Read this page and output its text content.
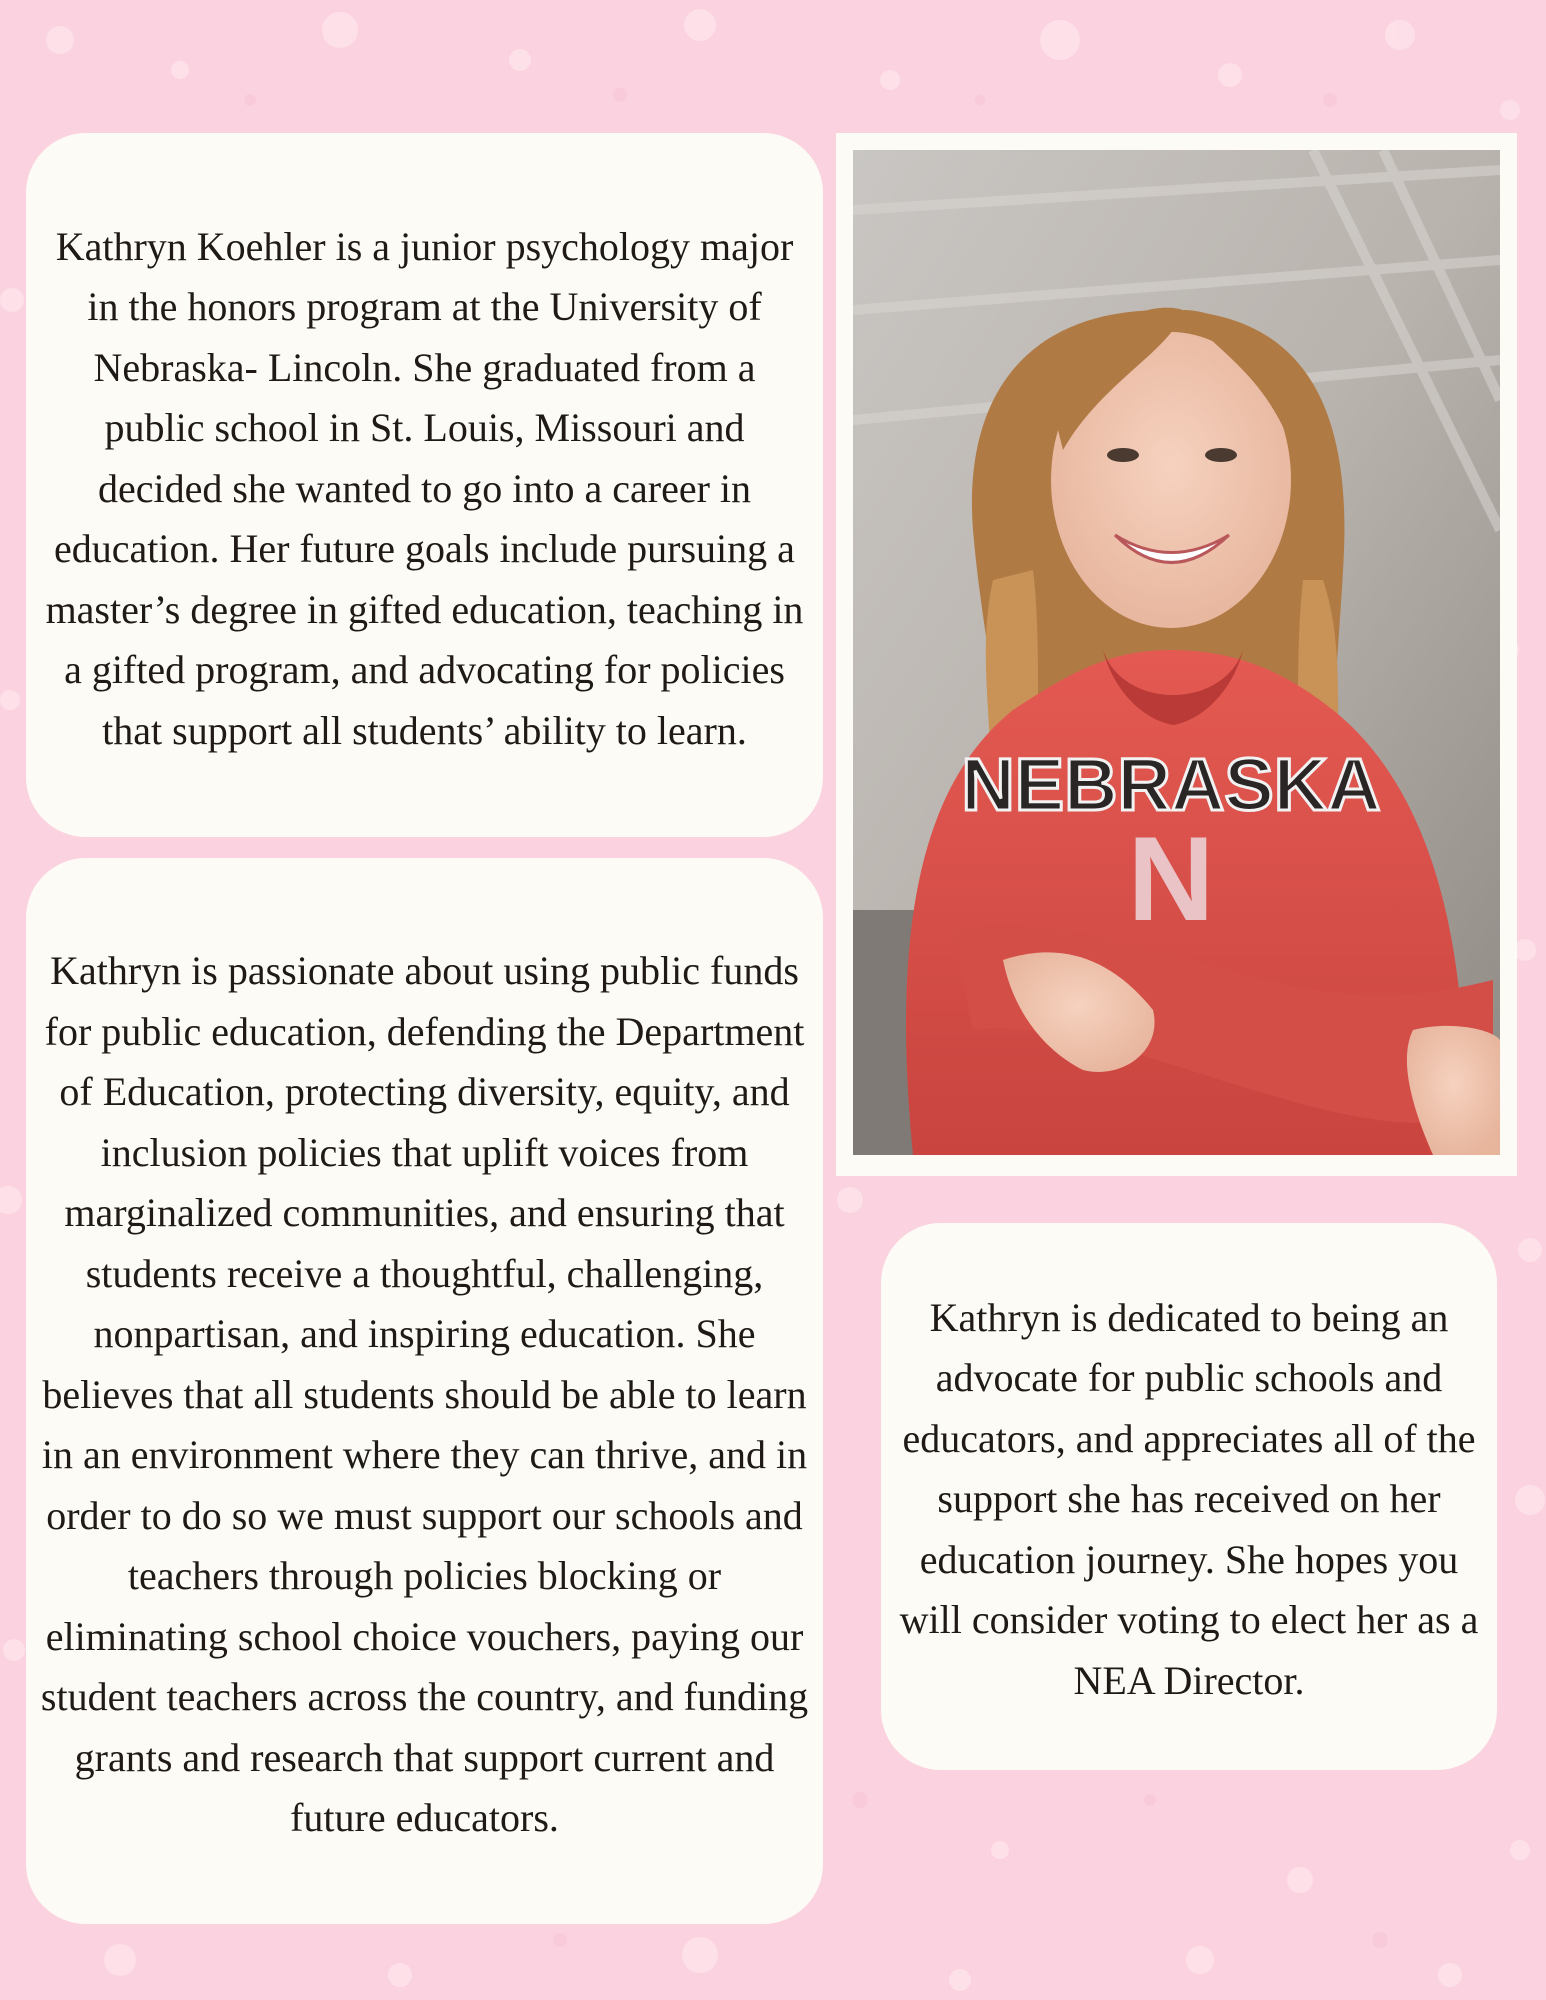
Kathryn Koehler is a junior psychology major in the honors program at the University of Nebraska- Lincoln. She graduated from a public school in St. Louis, Missouri and decided she wanted to go into a career in education. Her future goals include pursuing a master’s degree in gifted education, teaching in a gifted program, and advocating for policies that support all students’ ability to learn.

Kathryn is passionate about using public funds for public education, defending the Department of Education, protecting diversity, equity, and inclusion policies that uplift voices from marginalized communities, and ensuring that students receive a thoughtful, challenging, nonpartisan, and inspiring education. She believes that all students should be able to learn in an environment where they can thrive, and in order to do so we must support our schools and teachers through policies blocking or eliminating school choice vouchers, paying our student teachers across the country, and funding grants and research that support current and future educators.

Kathryn is dedicated to being an advocate for public schools and educators, and appreciates all of the support she has received on her education journey. She hopes you will consider voting to elect her as a NEA Director.

NEBRASKA
N
